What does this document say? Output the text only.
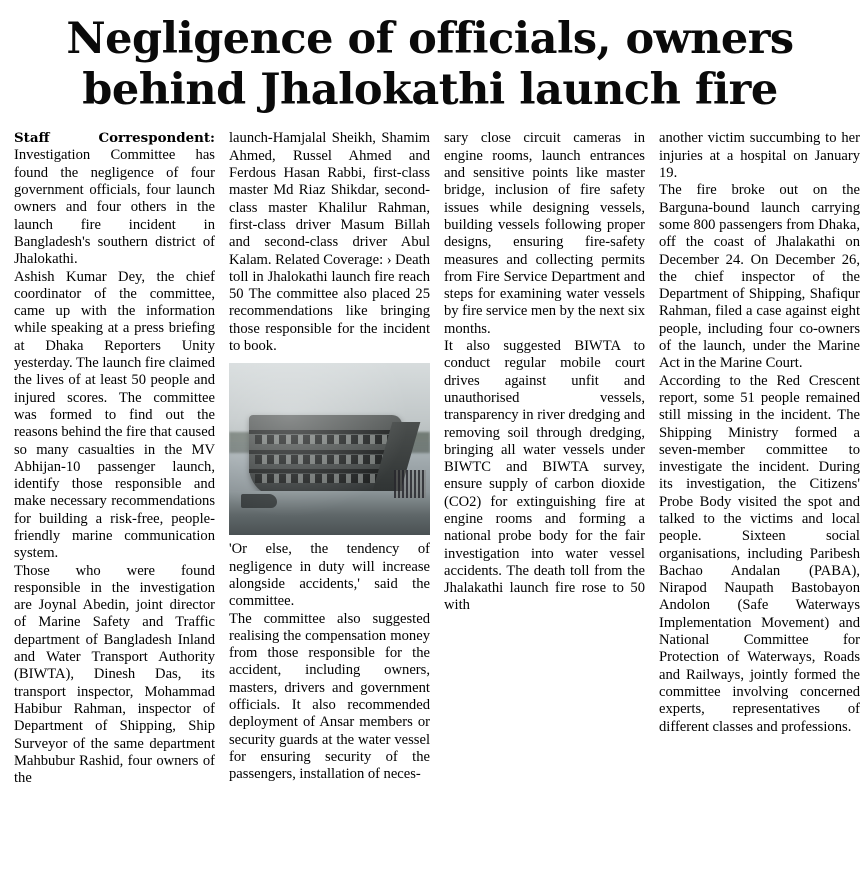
Negligence of officials, owners
behind Jhalokathi launch fire
Staff	Correspondent:

Investigation Committee has found the negligence of four government officials, four launch owners and four others in the launch fire incident in Bangladesh's southern district of Jhalokathi.

Ashish Kumar Dey, the chief coordinator of the committee, came up with the information while speaking at a press briefing at Dhaka Reporters Unity yesterday. The launch fire claimed the lives of at least 50 people and injured scores. The committee was formed to find out the reasons behind the fire that caused so many casualties in the MV Abhijan-10 passenger launch, identify those responsible and make necessary recommendations for building a risk-free, people-friendly marine communication system.

Those who were found responsible in the investigation are Joynal Abedin, joint director of Marine Safety and Traffic department of Bangladesh Inland and Water Transport Authority (BIWTA), Dinesh Das, its transport inspector, Mohammad Habibur Rahman, inspector of Department of Shipping, Ship Surveyor of the same department Mahbubur Rashid, four owners of the

launch-Hamjalal Sheikh, Shamim Ahmed, Russel Ahmed and Ferdous Hasan Rabbi, first-class master Md Riaz Shikdar, second-class master Khalilur Rahman, first-class driver Masum Billah and second-class driver Abul Kalam. Related Coverage: › Death toll in Jhalokathi launch fire reach 50 The committee also placed 25 recommendations like bringing those responsible for the incident to book.

'Or else, the tendency of negligence in duty will increase alongside accidents,' said the committee.

The committee also suggested realising the compensation money from those responsible for the accident, including owners, masters, drivers and government officials. It also recommended deployment of Ansar members or security guards at the water vessel for ensuring security of the passengers, installation of neces-

sary close circuit cameras in engine rooms, launch entrances and sensitive points like master bridge, inclusion of fire safety issues while designing vessels, building vessels following proper designs, ensuring fire-safety measures and collecting permits from Fire Service Department and steps for examining water vessels by fire service men by the next six months.

It also suggested BIWTA to conduct regular mobile court drives against unfit and unauthorised vessels, transparency in river dredging and removing soil through dredging, bringing all water vessels under BIWTC and BIWTA survey, ensure supply of carbon dioxide (CO2) for extinguishing fire at engine rooms and forming a national probe body for the fair investigation into water vessel accidents. The death toll from the Jhalakathi launch fire rose to 50 with

another victim succumbing to her injuries at a hospital on January 19.

The fire broke out on the Barguna-bound launch carrying some 800 passengers from Dhaka, off the coast of Jhalakathi on December 24. On December 26, the chief inspector of the Department of Shipping, Shafiqur Rahman, filed a case against eight people, including four co-owners of the launch, under the Marine Act in the Marine Court.

According to the Red Crescent report, some 51 people remained still missing in the incident. The Shipping Ministry formed a seven-member committee to investigate the incident. During its investigation, the Citizens' Probe Body visited the spot and talked to the victims and local people. Sixteen social organisations, including Paribesh Bachao Andalan (PABA), Nirapod Naupath Bastobayon Andolon (Safe Waterways Implementation Movement) and National Committee for Protection of Waterways, Roads and Railways, jointly formed the committee involving concerned experts, representatives of different classes and professions.
